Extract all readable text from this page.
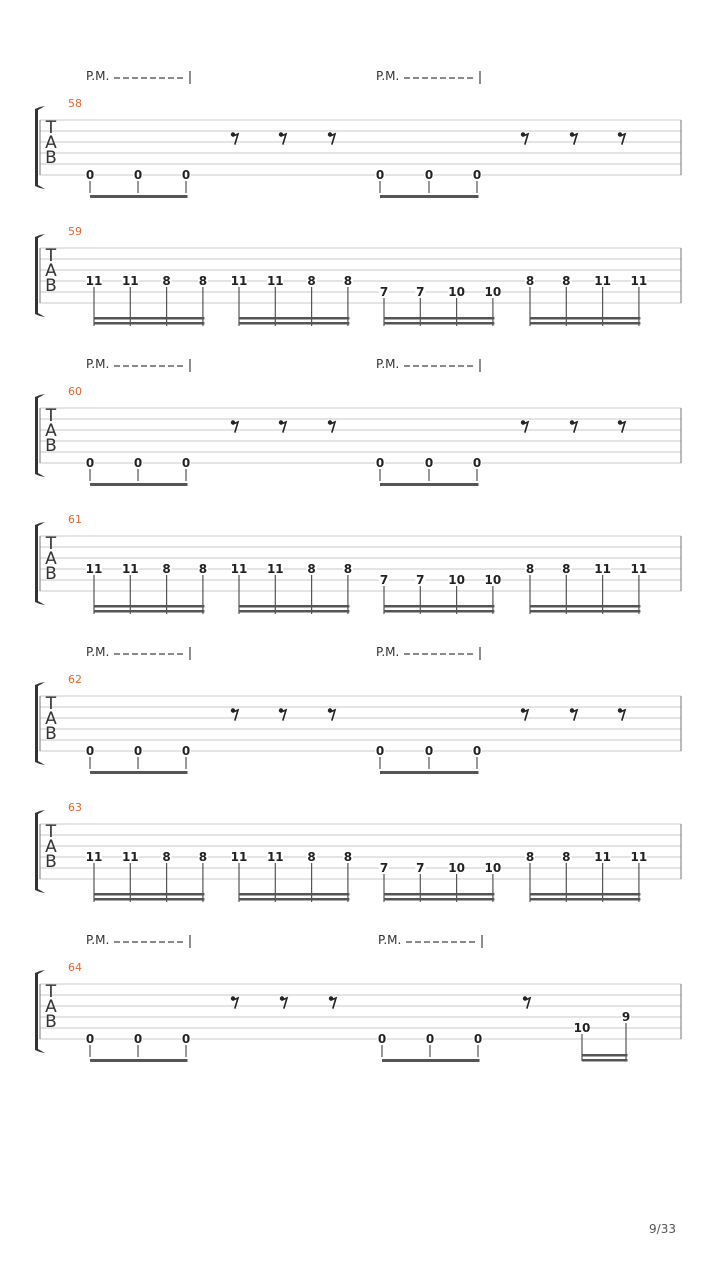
T
A
B
58
0	0	0	0	0	0
P.M.	P.M.
T
A
B
59
11 11 8 8 11 11 8 8
7 7 10 10
8 8 11 11
T
A
B
60
0	0	0	0	0	0
P.M.	P.M.
T
A
B
61
11 11 8 8 11 11 8 8
7 7 10 10
8 8 11 11
T
A
B
62
0	0	0	0	0	0
P.M.	P.M.
T
A
B
63
11 11 8 8 11 11 8 8
7 7 10 10
8 8 11 11
T
A
B
64
0	0	0	0	0	0
P.M.	P.M.
10
9
9/33
